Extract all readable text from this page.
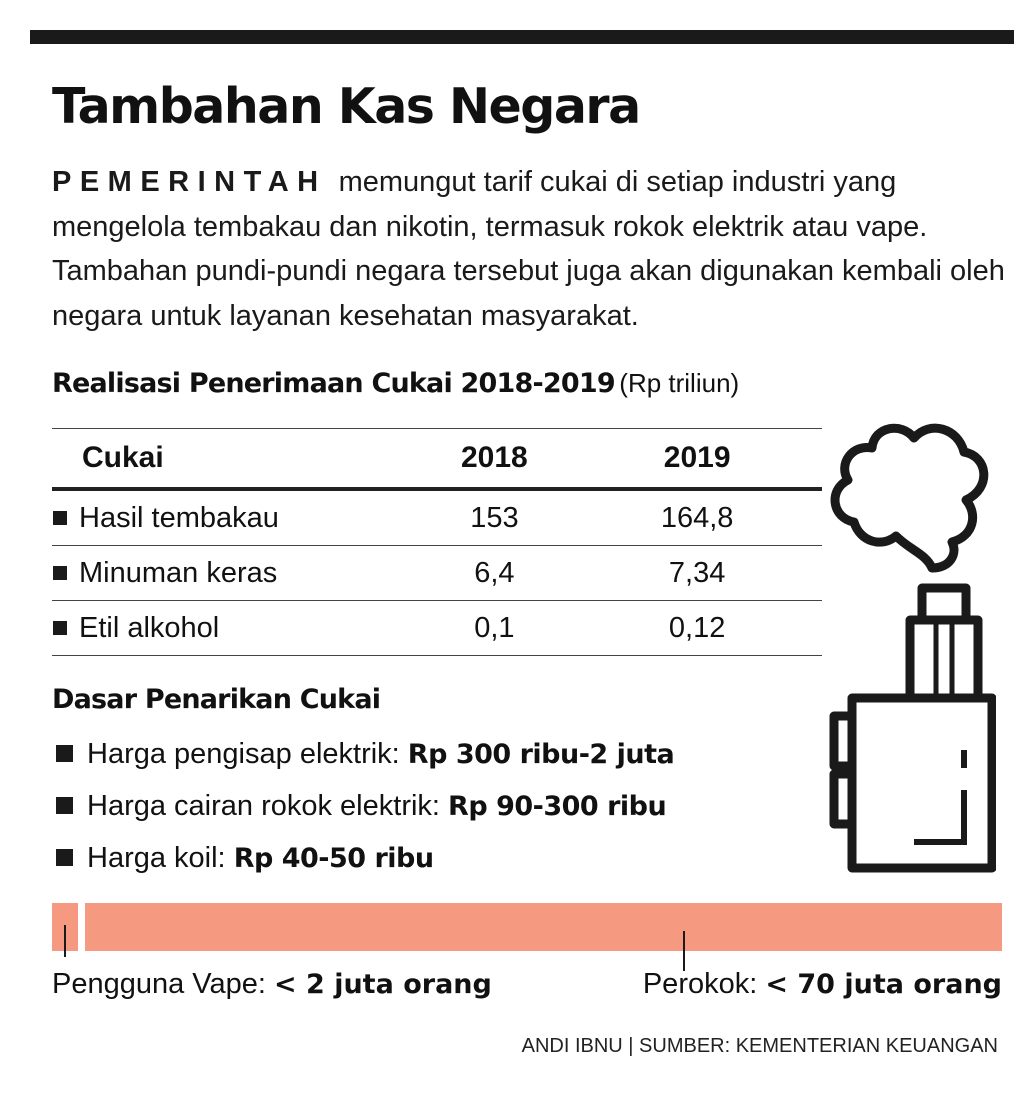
Tambahan Kas Negara

PEMERINTAH memungut tarif cukai di setiap industri yang mengelola tembakau dan nikotin, termasuk rokok elektrik atau vape. Tambahan pundi-pundi negara tersebut juga akan digunakan kembali oleh negara untuk layanan kesehatan masyarakat.

Realisasi Penerimaan Cukai 2018-2019 (Rp triliun)
Cukai	2018	2019
Hasil tembakau	153	164,8
Minuman keras	6,4	7,34
Etil alkohol	0,1	0,12
Dasar Penarikan Cukai
Harga pengisap elektrik: Rp 300 ribu-2 juta
Harga cairan rokok elektrik: Rp 90-300 ribu
Harga koil: Rp 40-50 ribu
Pengguna Vape: < 2 juta orang	Perokok: < 70 juta orang
ANDI IBNU | SUMBER: KEMENTERIAN KEUANGAN
